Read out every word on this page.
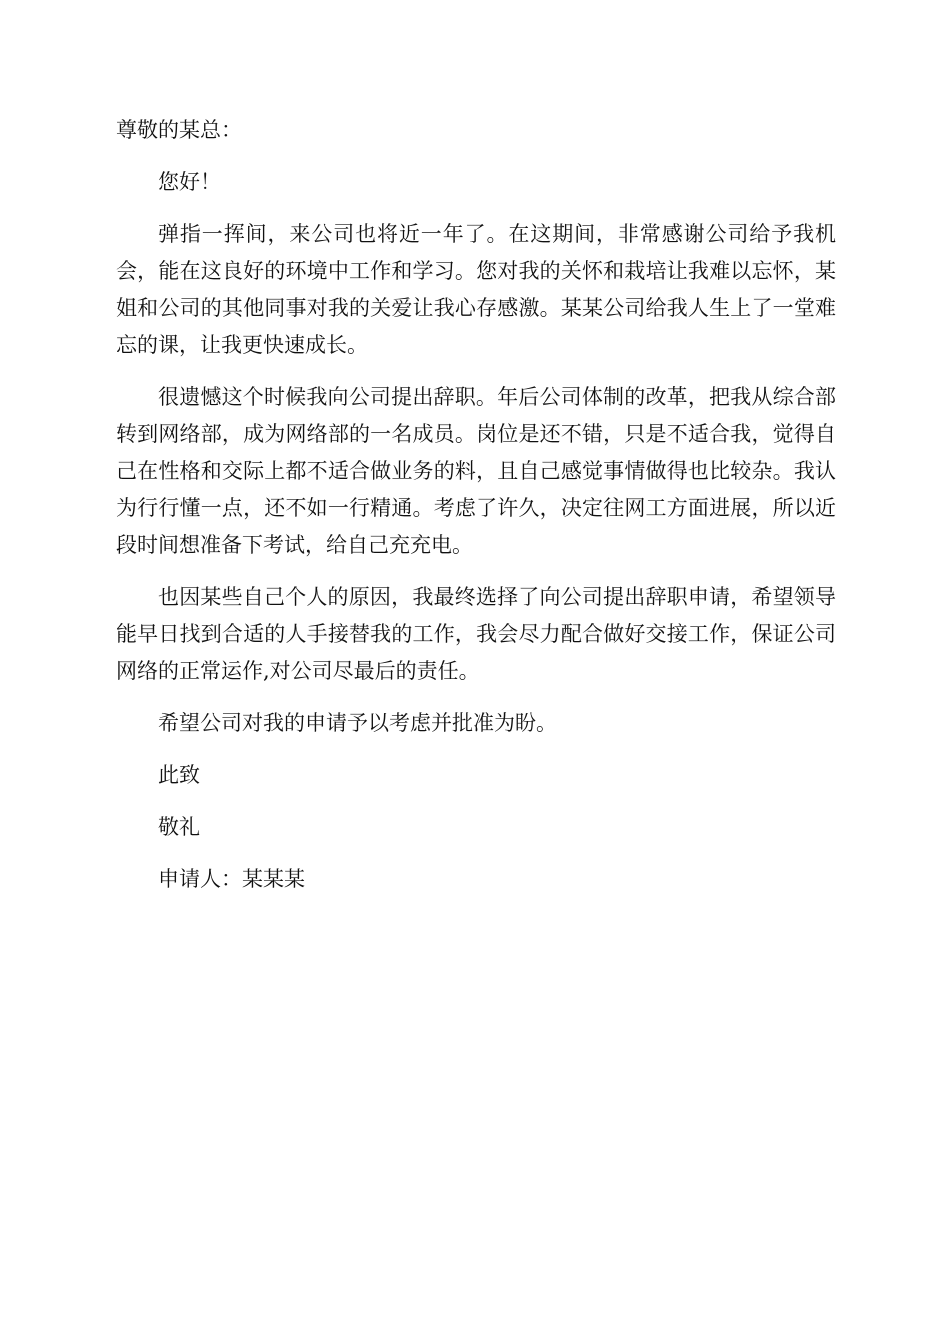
尊敬的某总：

您好！

弹指一挥间，来公司也将近一年了。在这期间，非常感谢公司给予我机会，能在这良好的环境中工作和学习。您对我的关怀和栽培让我难以忘怀，某姐和公司的其他同事对我的关爱让我心存感激。某某公司给我人生上了一堂难忘的课，让我更快速成长。

很遗憾这个时候我向公司提出辞职。年后公司体制的改革，把我从综合部转到网络部，成为网络部的一名成员。岗位是还不错，只是不适合我，觉得自己在性格和交际上都不适合做业务的料，且自己感觉事情做得也比较杂。我认为行行懂一点，还不如一行精通。考虑了许久，决定往网工方面进展，所以近段时间想准备下考试，给自己充充电。

也因某些自己个人的原因，我最终选择了向公司提出辞职申请，希望领导能早日找到合适的人手接替我的工作，我会尽力配合做好交接工作，保证公司网络的正常运作,对公司尽最后的责任。

希望公司对我的申请予以考虑并批准为盼。

此致

敬礼

申请人：某某某
